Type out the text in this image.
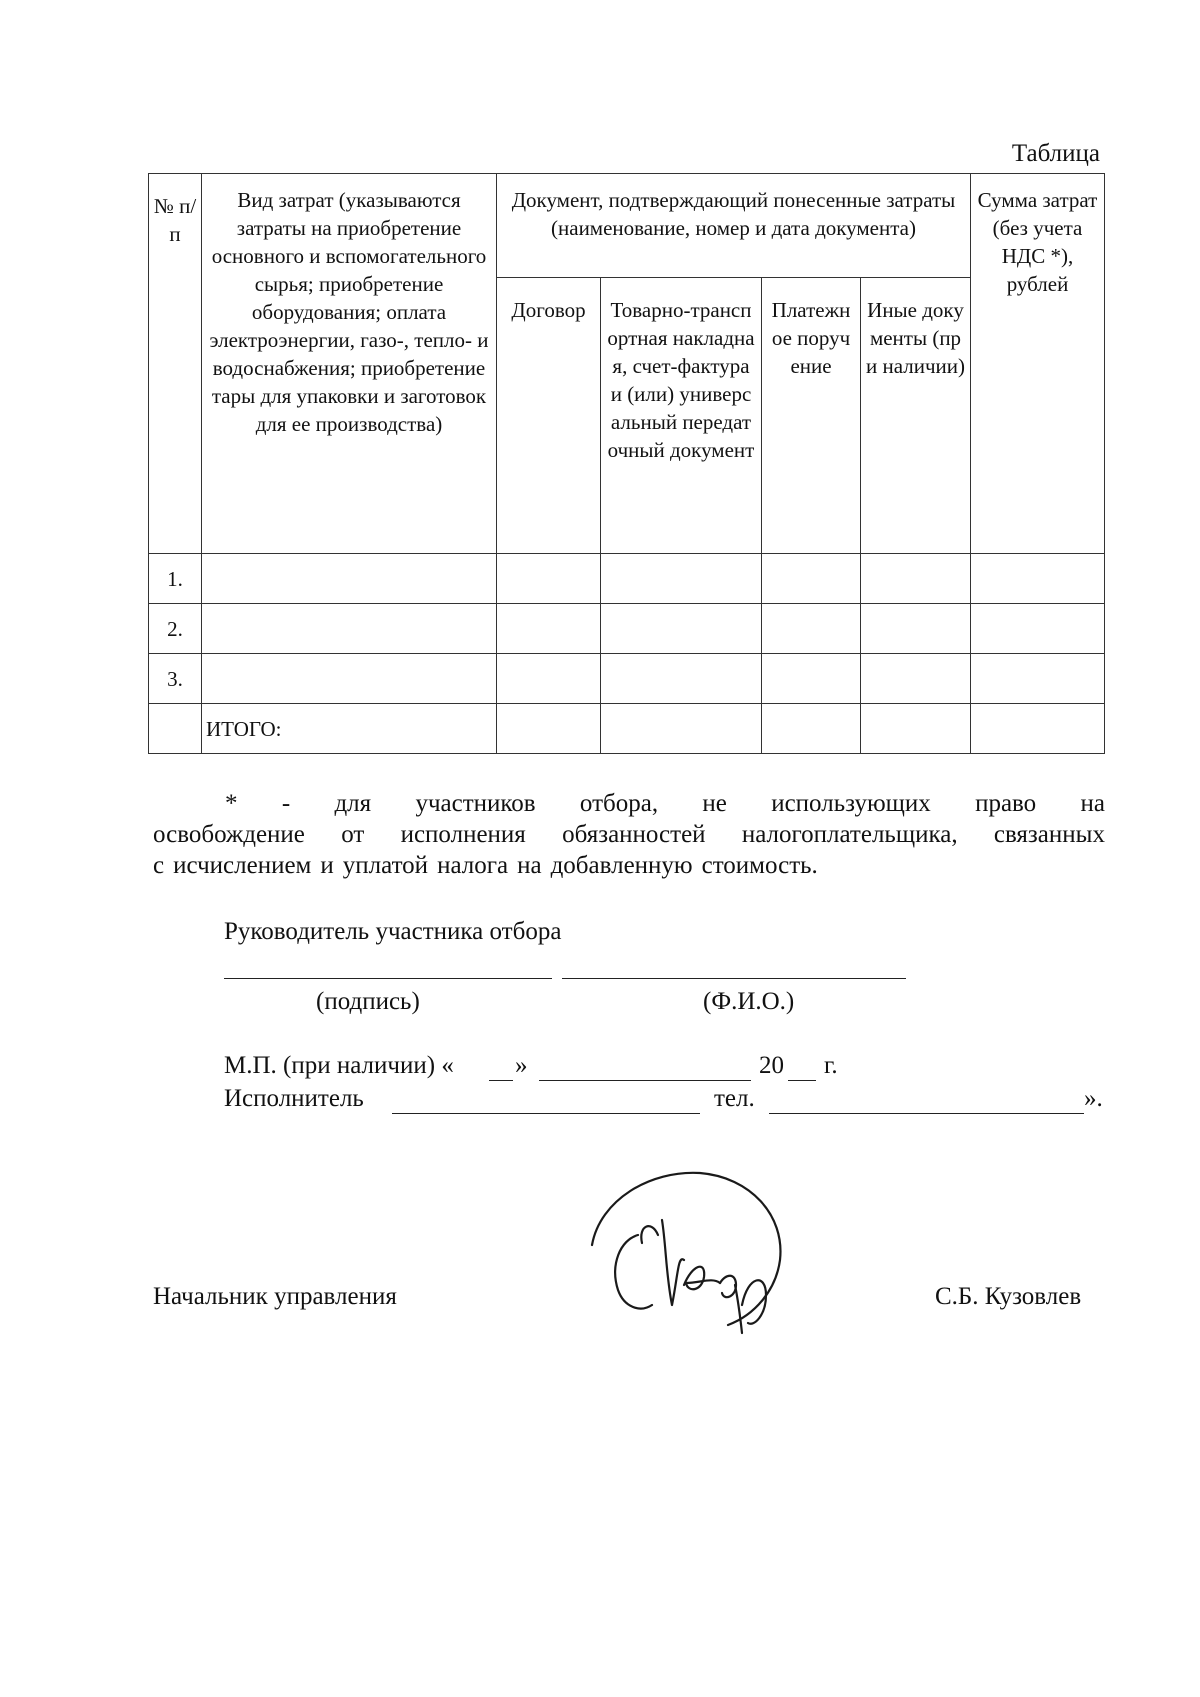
Таблица
№ п/п	Вид затрат (указываются затраты на приобретение основного и вспомогательного сырья; приобретение оборудования; оплата электроэнергии, газо-, тепло- и водоснабжения; приобретение тары для упаковки и заготовок для ее производства)	Документ, подтверждающий понесенные затраты (наименование, номер и дата документа)				Сумма затрат (без учета НДС *), рублей

		Договор	Товарно-транспортная накладная, счет-фактура и (или) универсальный передаточный документ	Платежное поручение	Иные документы (при наличии)	

1.						
2.						
3.						
	ИТОГО:					
* - для участников отбора, не использующих право на
освобождение от исполнения обязанностей налогоплательщика, связанных
с исчислением и уплатой налога на добавленную стоимость.
Руководитель участника отбора
(подпись)	(Ф.И.О.)
М.П. (при наличии) « »	20 г.
Исполнитель	тел.	».
Начальник управления	С.Б. Кузовлев
